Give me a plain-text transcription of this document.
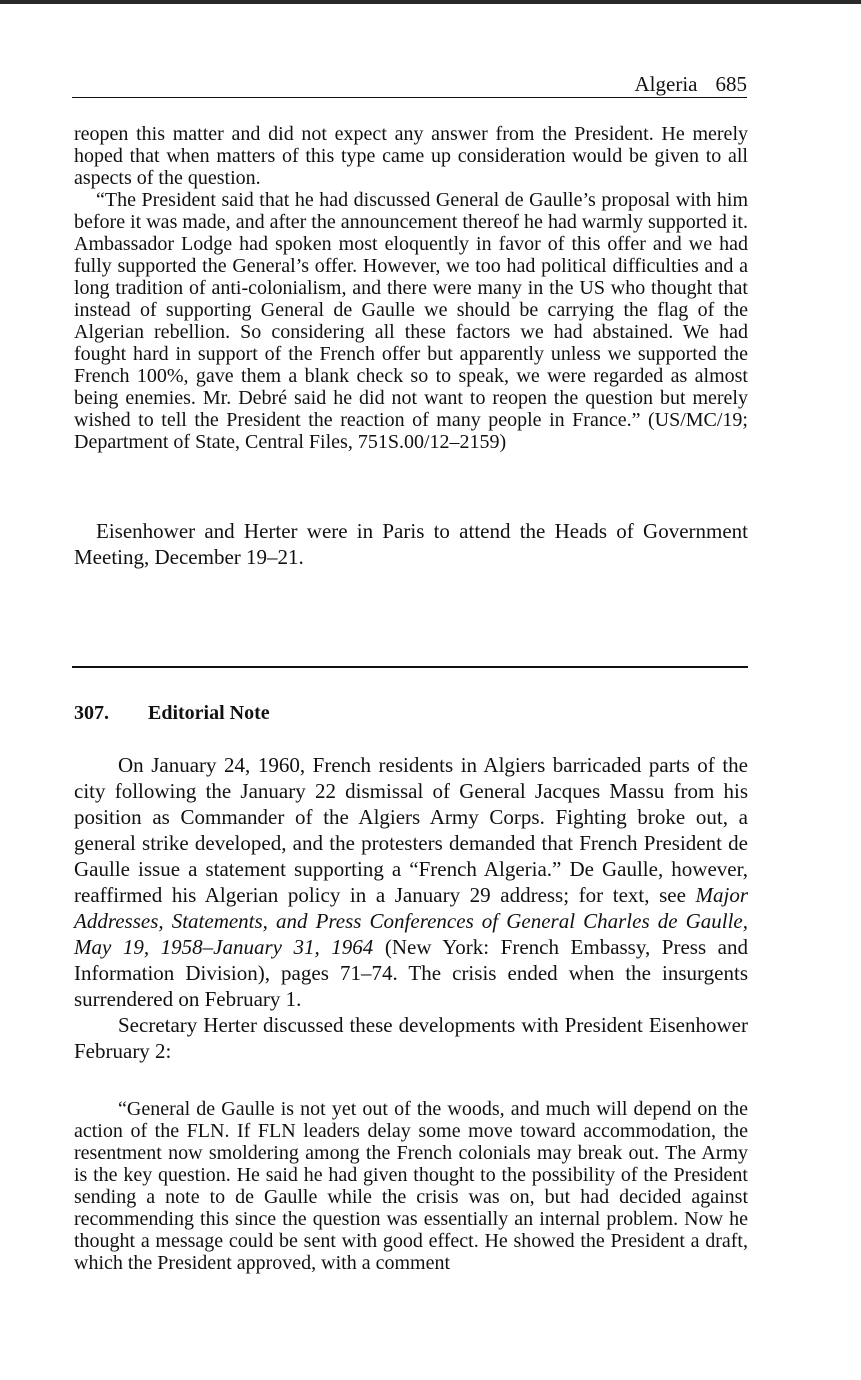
Algeria 685

reopen this matter and did not expect any answer from the President. He merely hoped that when matters of this type came up consideration would be given to all aspects of the question.

“The President said that he had discussed General de Gaulle’s proposal with him before it was made, and after the announcement thereof he had warmly supported it. Ambassador Lodge had spoken most eloquently in favor of this offer and we had fully supported the General’s offer. However, we too had political difficulties and a long tradition of anti-colonialism, and there were many in the US who thought that instead of supporting General de Gaulle we should be carrying the flag of the Algerian rebellion. So considering all these factors we had abstained. We had fought hard in support of the French offer but apparently unless we supported the French 100%, gave them a blank check so to speak, we were regarded as almost being enemies. Mr. Debré said he did not want to reopen the question but merely wished to tell the President the reaction of many people in France.” (US/MC/19; Department of State, Central Files, 751S.00/12–2159)

Eisenhower and Herter were in Paris to attend the Heads of Government Meeting, December 19–21.

307. Editorial Note

On January 24, 1960, French residents in Algiers barricaded parts of the city following the January 22 dismissal of General Jacques Massu from his position as Commander of the Algiers Army Corps. Fighting broke out, a general strike developed, and the protesters demanded that French President de Gaulle issue a statement supporting a “French Algeria.” De Gaulle, however, reaffirmed his Algerian policy in a January 29 address; for text, see Major Addresses, Statements, and Press Conferences of General Charles de Gaulle, May 19, 1958–January 31, 1964 (New York: French Embassy, Press and Information Division), pages 71–74. The crisis ended when the insurgents surrendered on February 1.

Secretary Herter discussed these developments with President Eisenhower February 2:

“General de Gaulle is not yet out of the woods, and much will depend on the action of the FLN. If FLN leaders delay some move toward accommodation, the resentment now smoldering among the French colonials may break out. The Army is the key question. He said he had given thought to the possibility of the President sending a note to de Gaulle while the crisis was on, but had decided against recommending this since the question was essentially an internal problem. Now he thought a message could be sent with good effect. He showed the President a draft, which the President approved, with a comment
